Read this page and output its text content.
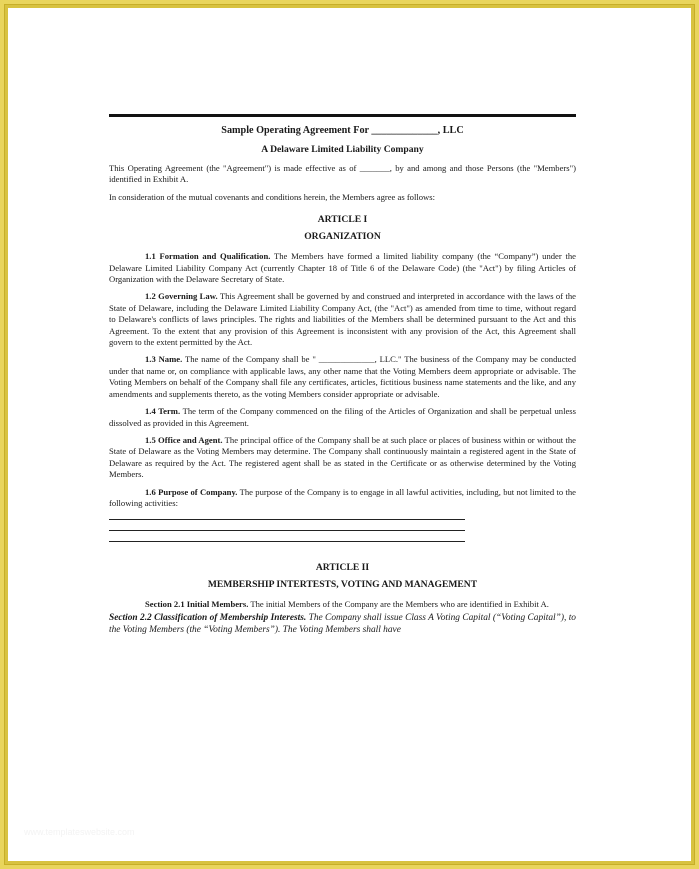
www.templateswebsite.com
Sample Operating Agreement For _____________, LLC
A Delaware Limited Liability Company

This Operating Agreement (the "Agreement") is made effective as of _______, by and among and those Persons (the "Members") identified in Exhibit A.

In consideration of the mutual covenants and conditions herein, the Members agree as follows:

ARTICLE I
ORGANIZATION

1.1 Formation and Qualification. The Members have formed a limited liability company (the “Company”) under the Delaware Limited Liability Company Act (currently Chapter 18 of Title 6 of the Delaware Code) (the "Act") by filing Articles of Organization with the Delaware Secretary of State.

1.2 Governing Law. This Agreement shall be governed by and construed and interpreted in accordance with the laws of the State of Delaware, including the Delaware Limited Liability Company Act, (the "Act") as amended from time to time, without regard to Delaware's conflicts of laws principles. The rights and liabilities of the Members shall be determined pursuant to the Act and this Agreement. To the extent that any provision of this Agreement is inconsistent with any provision of the Act, this Agreement shall govern to the extent permitted by the Act.

1.3 Name. The name of the Company shall be " _____________, LLC." The business of the Company may be conducted under that name or, on compliance with applicable laws, any other name that the Voting Members deem appropriate or advisable. The Voting Members on behalf of the Company shall file any certificates, articles, fictitious business name statements and the like, and any amendments and supplements thereto, as the voting Members consider appropriate or advisable.

1.4 Term. The term of the Company commenced on the filing of the Articles of Organization and shall be perpetual unless dissolved as provided in this Agreement.

1.5 Office and Agent. The principal office of the Company shall be at such place or places of business within or without the State of Delaware as the Voting Members may determine. The Company shall continuously maintain a registered agent in the State of Delaware as required by the Act. The registered agent shall be as stated in the Certificate or as otherwise determined by the Voting Members.

1.6 Purpose of Company. The purpose of the Company is to engage in all lawful activities, including, but not limited to the following activities:

ARTICLE II
MEMBERSHIP INTERTESTS, VOTING AND MANAGEMENT

Section 2.1 Initial Members. The initial Members of the Company are the Members who are identified in Exhibit A.

Section 2.2 Classification of Membership Interests. The Company shall issue Class A Voting Capital (“Voting Capital”), to the Voting Members (the “Voting Members”). The Voting Members shall have
